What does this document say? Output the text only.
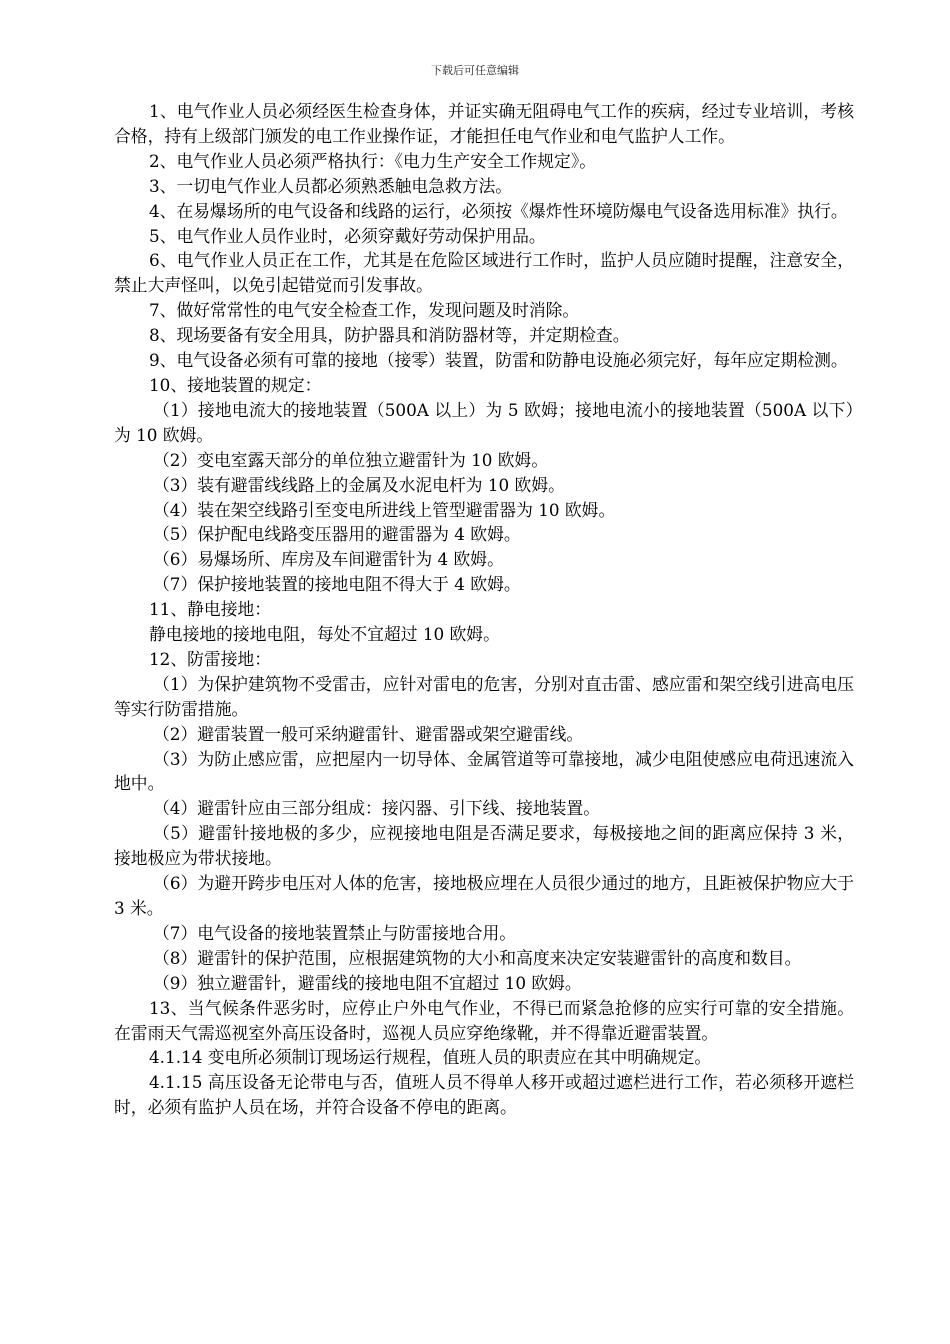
下载后可任意编辑

1、电气作业人员必须经医生检查身体，并证实确无阻碍电气工作的疾病，经过专业培训，考核合格，持有上级部门颁发的电工作业操作证，才能担任电气作业和电气监护人工作。

2、电气作业人员必须严格执行：《电力生产安全工作规定》。

3、一切电气作业人员都必须熟悉触电急救方法。

4、在易爆场所的电气设备和线路的运行，必须按《爆炸性环境防爆电气设备选用标准》执行。

5、电气作业人员作业时，必须穿戴好劳动保护用品。

6、电气作业人员正在工作，尤其是在危险区域进行工作时，监护人员应随时提醒，注意安全，禁止大声怪叫，以免引起错觉而引发事故。

7、做好常常性的电气安全检查工作，发现问题及时消除。

8、现场要备有安全用具，防护器具和消防器材等，并定期检查。

9、电气设备必须有可靠的接地（接零）装置，防雷和防静电设施必须完好，每年应定期检测。

10、接地装置的规定：

（1）接地电流大的接地装置（500A 以上）为 5 欧姆；接地电流小的接地装置（500A 以下）为 10 欧姆。

（2）变电室露天部分的单位独立避雷针为 10 欧姆。

（3）装有避雷线线路上的金属及水泥电杆为 10 欧姆。

（4）装在架空线路引至变电所进线上管型避雷器为 10 欧姆。

（5）保护配电线路变压器用的避雷器为 4 欧姆。

（6）易爆场所、库房及车间避雷针为 4 欧姆。

（7）保护接地装置的接地电阻不得大于 4 欧姆。

11、静电接地：

静电接地的接地电阻，每处不宜超过 10 欧姆。

12、防雷接地：

（1）为保护建筑物不受雷击，应针对雷电的危害，分别对直击雷、感应雷和架空线引进高电压等实行防雷措施。

（2）避雷装置一般可采纳避雷针、避雷器或架空避雷线。

（3）为防止感应雷，应把屋内一切导体、金属管道等可靠接地，减少电阻使感应电荷迅速流入地中。

（4）避雷针应由三部分组成：接闪器、引下线、接地装置。

（5）避雷针接地极的多少，应视接地电阻是否满足要求，每极接地之间的距离应保持 3 米，接地极应为带状接地。

（6）为避开跨步电压对人体的危害，接地极应埋在人员很少通过的地方，且距被保护物应大于 3 米。

（7）电气设备的接地装置禁止与防雷接地合用。

（8）避雷针的保护范围，应根据建筑物的大小和高度来决定安装避雷针的高度和数目。

（9）独立避雷针，避雷线的接地电阻不宜超过 10 欧姆。

13、当气候条件恶劣时，应停止户外电气作业，不得已而紧急抢修的应实行可靠的安全措施。在雷雨天气需巡视室外高压设备时，巡视人员应穿绝缘靴，并不得靠近避雷装置。

4.1.14 变电所必须制订现场运行规程，值班人员的职责应在其中明确规定。

4.1.15 高压设备无论带电与否，值班人员不得单人移开或超过遮栏进行工作，若必须移开遮栏时，必须有监护人员在场，并符合设备不停电的距离。
